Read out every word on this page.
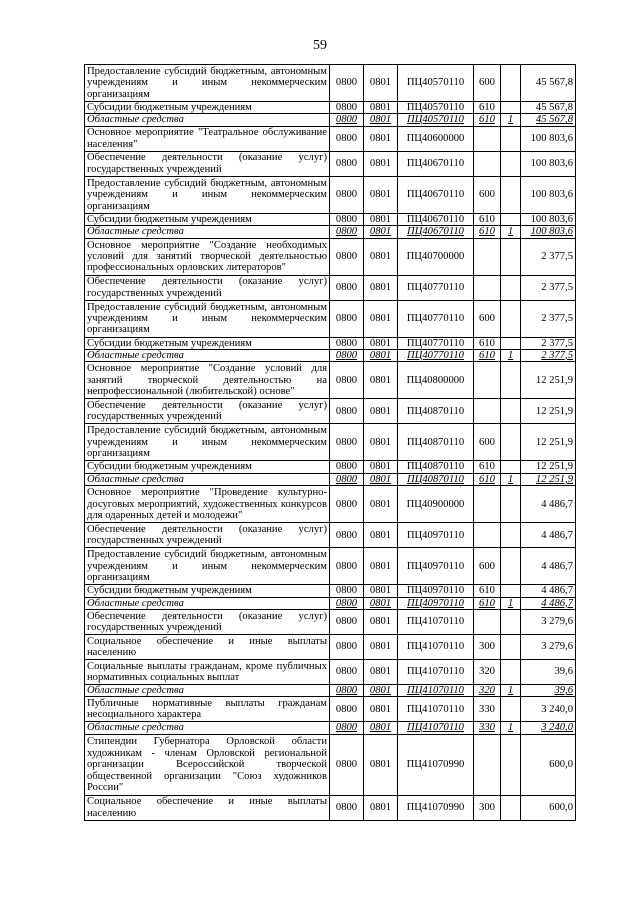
59
Предоставление субсидий бюджетным, автономным учреждениям и иным некоммерческим организациям	0800	0801	ПЦ40570110	600		45 567,8
Субсидии бюджетным учреждениям	0800	0801	ПЦ40570110	610		45 567,8
Областные средства	0800	0801	ПЦ40570110	610	1	45 567,8
Основное мероприятие "Театральное обслуживание населения"	0800	0801	ПЦ40600000			100 803,6
Обеспечение деятельности (оказание услуг) государственных учреждений	0800	0801	ПЦ40670110			100 803,6
Предоставление субсидий бюджетным, автономным учреждениям и иным некоммерческим организациям	0800	0801	ПЦ40670110	600		100 803,6
Субсидии бюджетным учреждениям	0800	0801	ПЦ40670110	610		100 803,6
Областные средства	0800	0801	ПЦ40670110	610	1	100 803,6
Основное мероприятие "Создание необходимых условий для занятий творческой деятельностью профессиональных орловских литераторов"	0800	0801	ПЦ40700000			2 377,5
Обеспечение деятельности (оказание услуг) государственных учреждений	0800	0801	ПЦ40770110			2 377,5
Предоставление субсидий бюджетным, автономным учреждениям и иным некоммерческим организациям	0800	0801	ПЦ40770110	600		2 377,5
Субсидии бюджетным учреждениям	0800	0801	ПЦ40770110	610		2 377,5
Областные средства	0800	0801	ПЦ40770110	610	1	2 377,5
Основное мероприятие "Создание условий для занятий творческой деятельностью на непрофессиональной (любительской) основе"	0800	0801	ПЦ40800000			12 251,9
Обеспечение деятельности (оказание услуг) государственных учреждений	0800	0801	ПЦ40870110			12 251,9
Предоставление субсидий бюджетным, автономным учреждениям и иным некоммерческим организациям	0800	0801	ПЦ40870110	600		12 251,9
Субсидии бюджетным учреждениям	0800	0801	ПЦ40870110	610		12 251,9
Областные средства	0800	0801	ПЦ40870110	610	1	12 251,9
Основное мероприятие "Проведение культурно-досуговых мероприятий, художественных конкурсов для одаренных детей и молодежи"	0800	0801	ПЦ40900000			4 486,7
Обеспечение деятельности (оказание услуг) государственных учреждений	0800	0801	ПЦ40970110			4 486,7
Предоставление субсидий бюджетным, автономным учреждениям и иным некоммерческим организациям	0800	0801	ПЦ40970110	600		4 486,7
Субсидии бюджетным учреждениям	0800	0801	ПЦ40970110	610		4 486,7
Областные средства	0800	0801	ПЦ40970110	610	1	4 486,7
Обеспечение деятельности (оказание услуг) государственных учреждений	0800	0801	ПЦ41070110			3 279,6
Социальное обеспечение и иные выплаты населению	0800	0801	ПЦ41070110	300		3 279,6
Социальные выплаты гражданам, кроме публичных нормативных социальных выплат	0800	0801	ПЦ41070110	320		39,6
Областные средства	0800	0801	ПЦ41070110	320	1	39,6
Публичные нормативные выплаты гражданам несоциального характера	0800	0801	ПЦ41070110	330		3 240,0
Областные средства	0800	0801	ПЦ41070110	330	1	3 240,0
Стипендии Губернатора Орловской области художникам - членам Орловской региональной организации Всероссийской творческой общественной организации "Союз художников России"	0800	0801	ПЦ41070990			600,0
Социальное обеспечение и иные выплаты населению	0800	0801	ПЦ41070990	300		600,0
